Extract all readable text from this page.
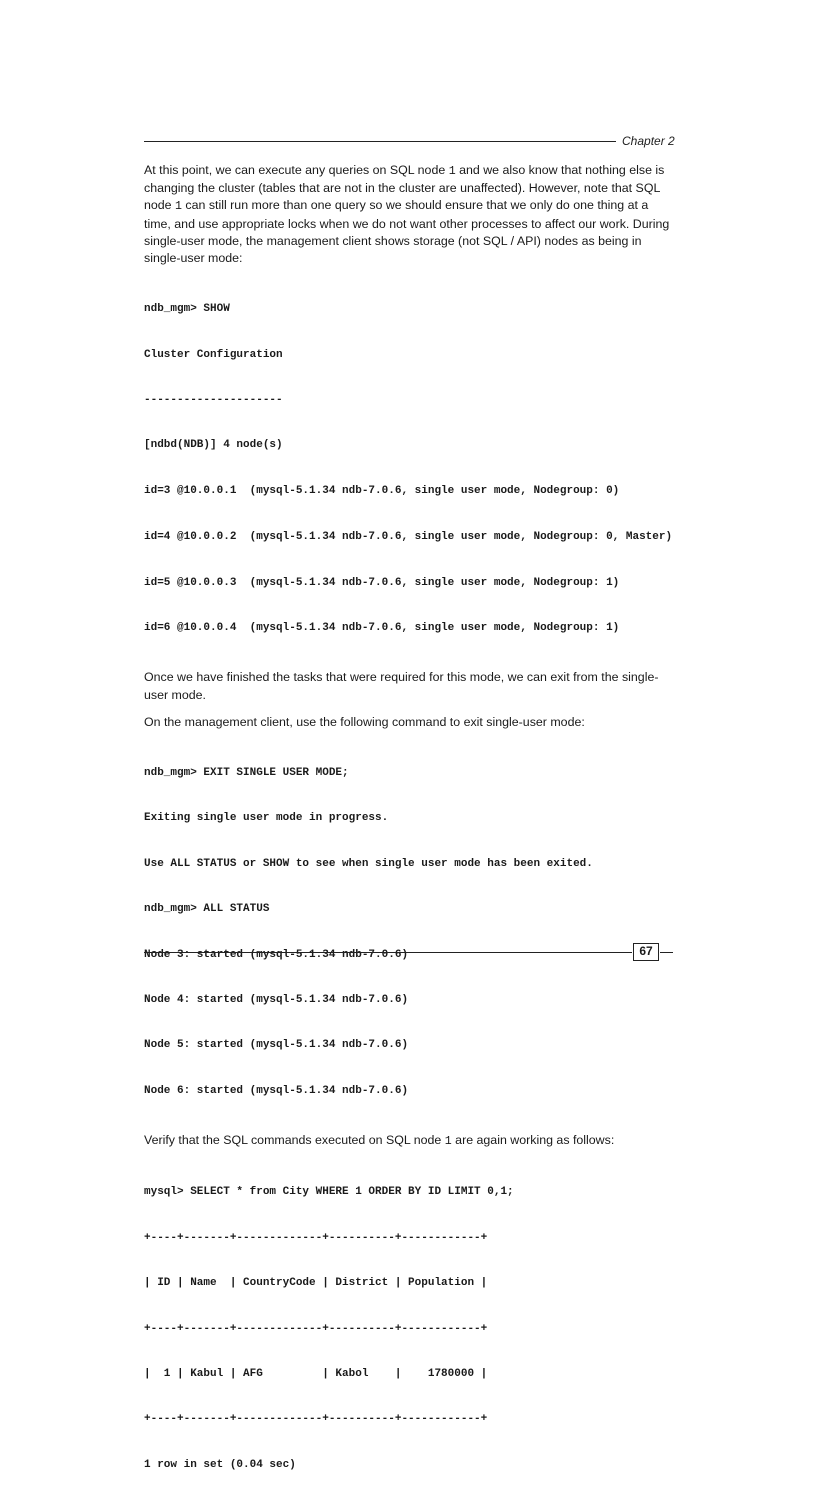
Chapter 2

At this point, we can execute any queries on SQL node 1 and we also know that nothing else is changing the cluster (tables that are not in the cluster are unaffected). However, note that SQL node 1 can still run more than one query so we should ensure that we only do one thing at a time, and use appropriate locks when we do not want other processes to affect our work. During single-user mode, the management client shows storage (not SQL / API) nodes as being in single-user mode:

ndb_mgm> SHOW

Cluster Configuration

---------------------

[ndbd(NDB)] 4 node(s)

id=3 @10.0.0.1  (mysql-5.1.34 ndb-7.0.6, single user mode, Nodegroup: 0)

id=4 @10.0.0.2  (mysql-5.1.34 ndb-7.0.6, single user mode, Nodegroup: 0, Master)

id=5 @10.0.0.3  (mysql-5.1.34 ndb-7.0.6, single user mode, Nodegroup: 1)

id=6 @10.0.0.4  (mysql-5.1.34 ndb-7.0.6, single user mode, Nodegroup: 1)

Once we have finished the tasks that were required for this mode, we can exit from the single-user mode.

On the management client, use the following command to exit single-user mode:

ndb_mgm> EXIT SINGLE USER MODE;

Exiting single user mode in progress.

Use ALL STATUS or SHOW to see when single user mode has been exited.

ndb_mgm> ALL STATUS

Node 3: started (mysql-5.1.34 ndb-7.0.6)

Node 4: started (mysql-5.1.34 ndb-7.0.6)

Node 5: started (mysql-5.1.34 ndb-7.0.6)

Node 6: started (mysql-5.1.34 ndb-7.0.6)

Verify that the SQL commands executed on SQL node 1 are again working as follows:

mysql> SELECT * from City WHERE 1 ORDER BY ID LIMIT 0,1;

+----+-------+-------------+----------+------------+

| ID | Name  | CountryCode | District | Population |

+----+-------+-------------+----------+------------+

|  1 | Kabul | AFG         | Kabol    |    1780000 |

+----+-------+-------------+----------+------------+

1 row in set (0.04 sec)

67
